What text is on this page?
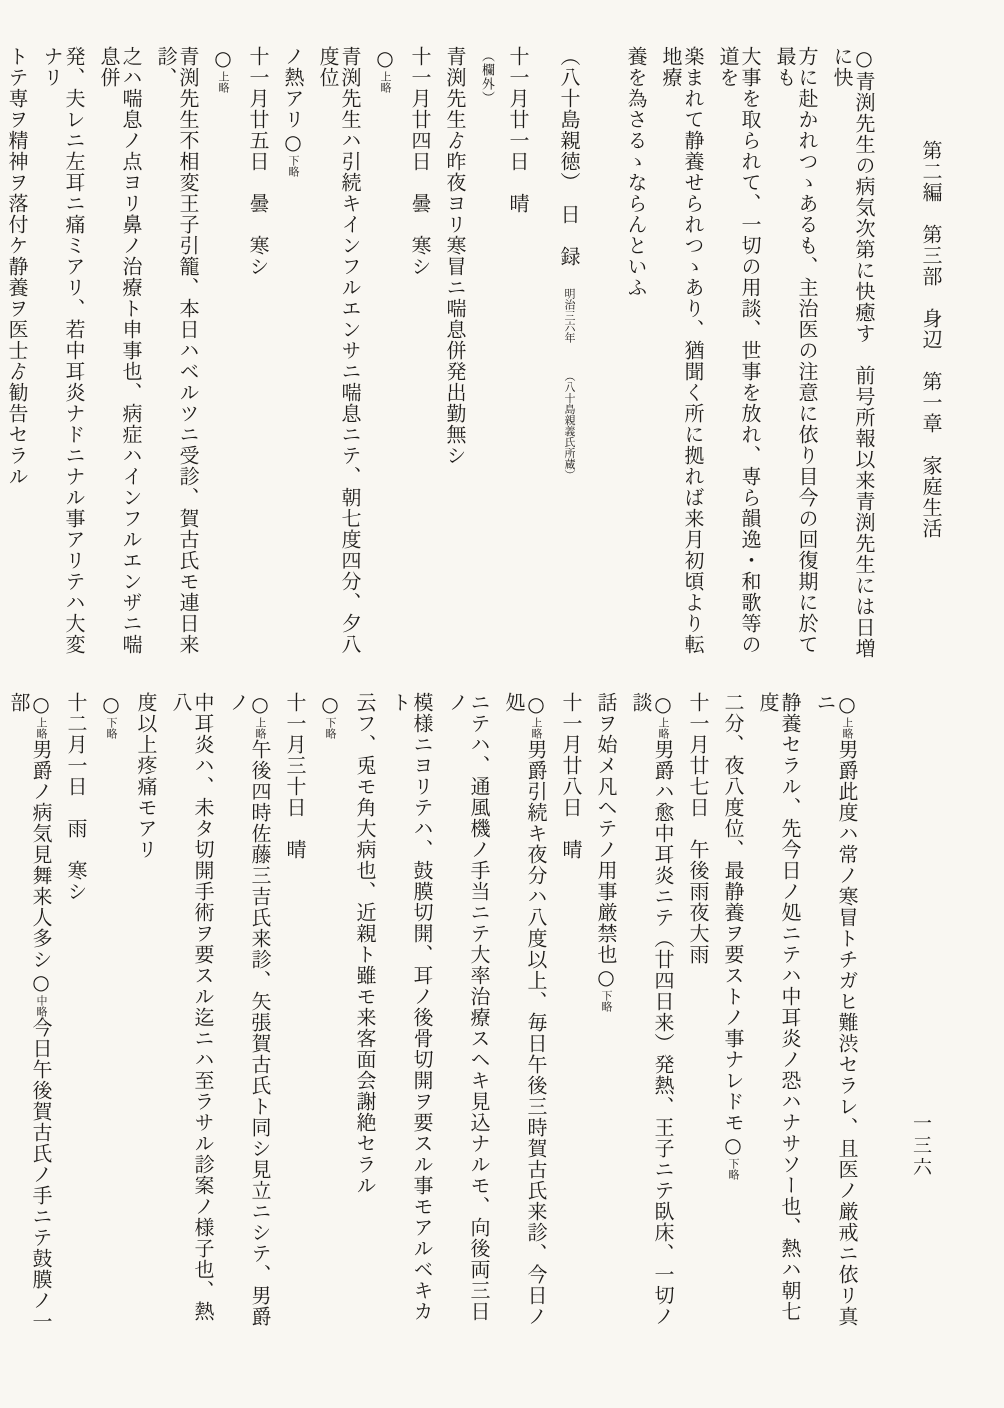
第二編　第三部　身辺　第一章　家庭生活
○青渕先生の病気次第に快癒す　前号所報以来青渕先生には日増に快
方に赴かれつゝあるも、主治医の注意に依り目今の回復期に於て最も
大事を取られて、一切の用談、世事を放れ、専ら韻逸・和歌等の道を
楽まれて静養せられつゝあり、猶聞く所に拠れば来月初頃より転地療
養を為さるゝならんといふ
（八十島親徳）　日　録　明治三六年　　　（八十島親義氏所蔵）
十一月廿一日　晴
（欄外）
青渕先生ゟ昨夜ヨリ寒冒ニ喘息併発出勤無シ
十一月廿四日　曇　寒シ
○上略
青渕先生ハ引続キインフルエンサニ喘息ニテ、朝七度四分、夕八度位
ノ熱アリ○下略
十一月廿五日　曇　寒シ
○上略
青渕先生不相変王子引籠、本日ハベルツニ受診、賀古氏モ連日来診、
之ハ喘息ノ点ヨリ鼻ノ治療ト申事也、病症ハインフルエンザニ喘息併
発、夫レニ左耳ニ痛ミアリ、若中耳炎ナドニナル事アリテハ大変ナリ
トテ専ヲ精神ヲ落付ケ静養ヲ医士ゟ勧告セラル
○上略男爵此度ハ常ノ寒冒トチガヒ難渋セラレ、且医ノ厳戒ニ依リ真ニ
静養セラル、先今日ノ処ニテハ中耳炎ノ恐ハナサソー也、熱ハ朝七度
二分、夜八度位、最静養ヲ要ストノ事ナレドモ○下略
十一月廿七日　午後雨夜大雨
○上略男爵ハ愈中耳炎ニテ（廿四日来）発熱、王子ニテ臥床、一切ノ談
話ヲ始メ凡ヘテノ用事厳禁也○下略
十一月廿八日　晴
○上略男爵引続キ夜分ハ八度以上、毎日午後三時賀古氏来診、今日ノ処
ニテハ、通風機ノ手当ニテ大率治療スヘキ見込ナルモ、向後両三日ノ
模様ニヨリテハ、鼓膜切開、耳ノ後骨切開ヲ要スル事モアルベキカト
云フ、兎モ角大病也、近親ト雖モ来客面会謝絶セラル
○下略
十一月三十日　晴
○上略午後四時佐藤三吉氏来診、矢張賀古氏ト同シ見立ニシテ、男爵ノ
中耳炎ハ、未タ切開手術ヲ要スル迄ニハ至ラサル診案ノ様子也、熱八
度以上疼痛モアリ
○下略
十二月一日　雨　寒シ
○上略男爵ノ病気見舞来人多シ○中略今日午後賀古氏ノ手ニテ鼓膜ノ一部
一三六
